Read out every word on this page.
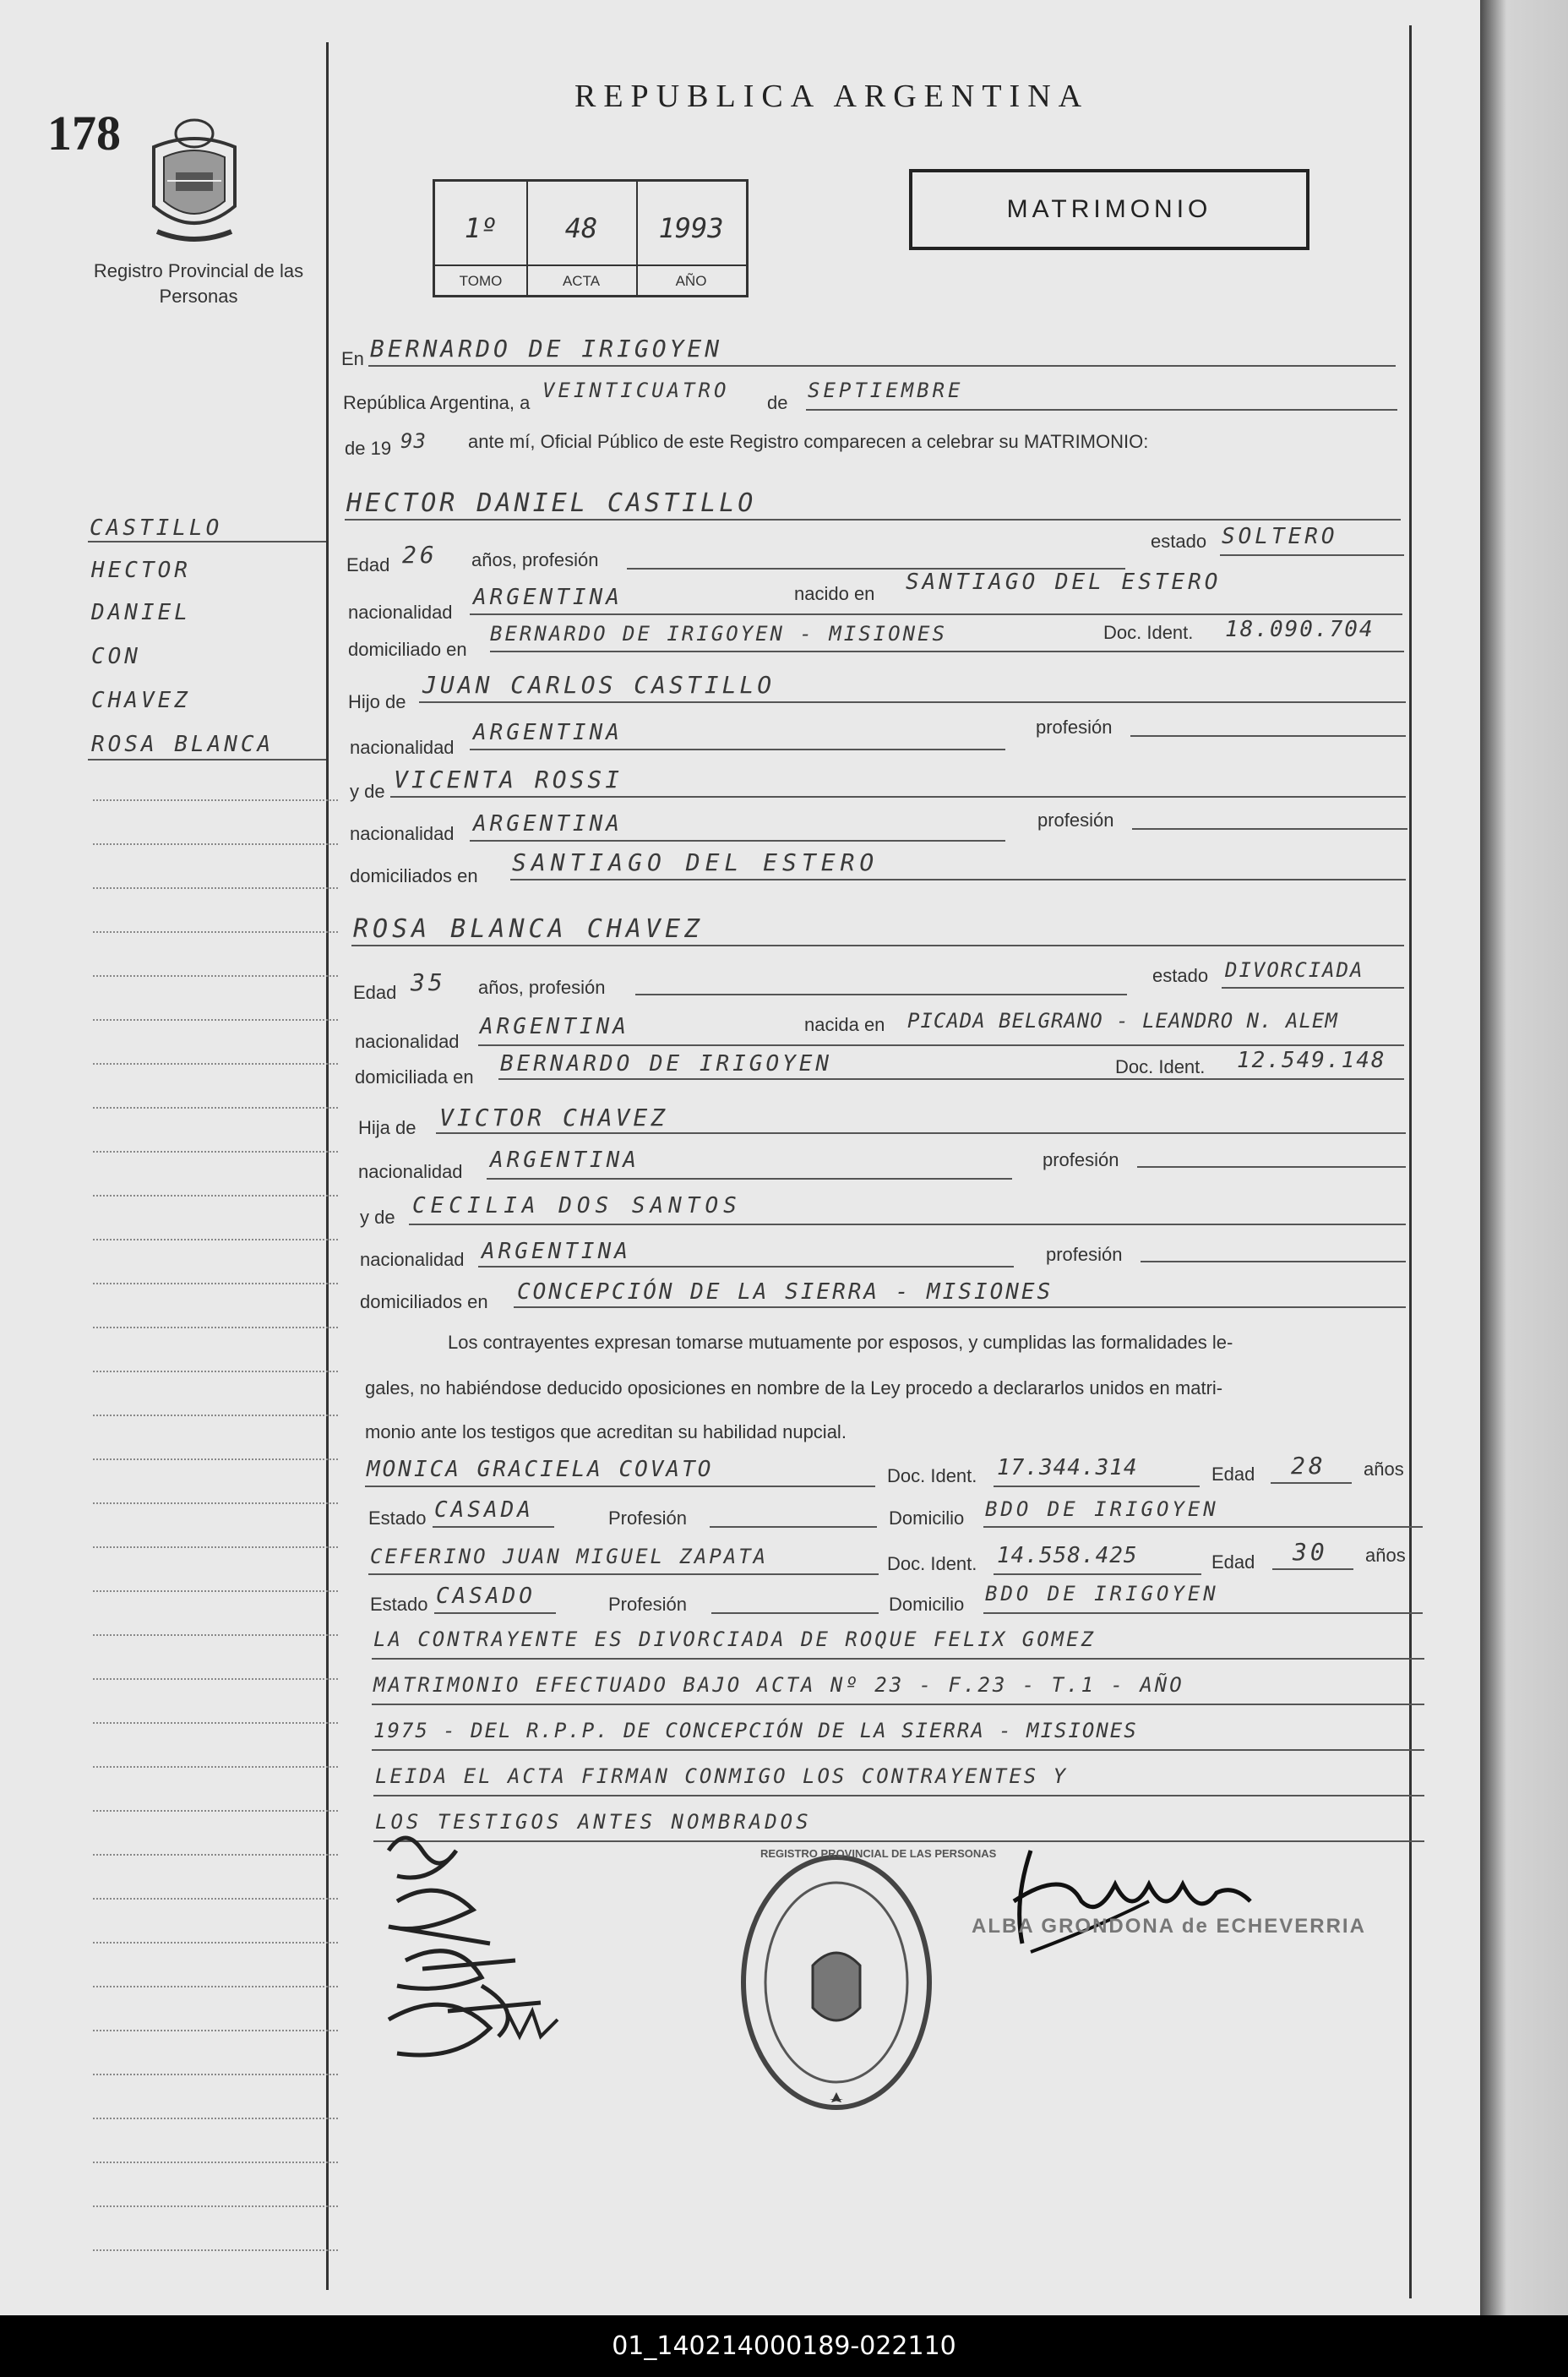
178
Registro Provincial de las Personas
REPUBLICA ARGENTINA
1º
TOMO
48
ACTA
1993
AÑO
MATRIMONIO
CASTILLO
HECTOR
DANIEL
CON
CHAVEZ
ROSA BLANCA
En BERNARDO DE IRIGOYEN
República Argentina, a
VEINTICUATRO
de
SEPTIEMBRE
de 19 93 ante mí, Oficial Público de este Registro comparecen a celebrar su MATRIMONIO:
HECTOR DANIEL CASTILLO
Edad 26 años, profesión
estado SOLTERO
nacionalidad
ARGENTINA	nacido en SANTIAGO DEL ESTERO
domiciliado en
BERNARDO DE IRIGOYEN - MISIONES	Doc. Ident. 18.090.704
Hijo de
JUAN CARLOS CASTILLO
nacionalidad
ARGENTINA	profesión
y de VICENTA ROSSI
nacionalidad ARGENTINA	profesión
domiciliados en SANTIAGO DEL ESTERO
ROSA BLANCA CHAVEZ
Edad 35 años, profesión
estado DIVORCIADA
nacionalidad
ARGENTINA	nacida en PICADA BELGRANO - LEANDRO N. ALEM
domiciliada en
BERNARDO DE IRIGOYEN	Doc. Ident. 12.549.148
Hija de VICTOR CHAVEZ
nacionalidad ARGENTINA	profesión
y de CECILIA DOS SANTOS
nacionalidad ARGENTINA	profesión
domiciliados en CONCEPCIÓN DE LA SIERRA - MISIONES
Los contrayentes expresan tomarse mutuamente por esposos, y cumplidas las formalidades le-
gales, no habiéndose deducido oposiciones en nombre de la Ley procedo a declararlos unidos en matri-
monio ante los testigos que acreditan su habilidad nupcial.
MONICA GRACIELA COVATO	Doc. Ident. 17.344.314	Edad 28 años
Estado CASADA	Profesión	Domicilio BDO DE IRIGOYEN
CEFERINO JUAN MIGUEL ZAPATA	Doc. Ident. 14.558.425	Edad 30 años
Estado CASADO	Profesión	Domicilio BDO DE IRIGOYEN
LA CONTRAYENTE ES DIVORCIADA DE ROQUE FELIX GOMEZ
MATRIMONIO EFECTUADO BAJO ACTA Nº 23 - F.23 - T.1 - AÑO
1975 - DEL R.P.P. DE CONCEPCIÓN DE LA SIERRA - MISIONES
LEIDA EL ACTA FIRMAN CONMIGO LOS CONTRAYENTES Y
LOS TESTIGOS ANTES NOMBRADOS
REGISTRO PROVINCIAL DE LAS PERSONAS
ALBA GRONDONA de ECHEVERRIA
01_140214000189-022110
